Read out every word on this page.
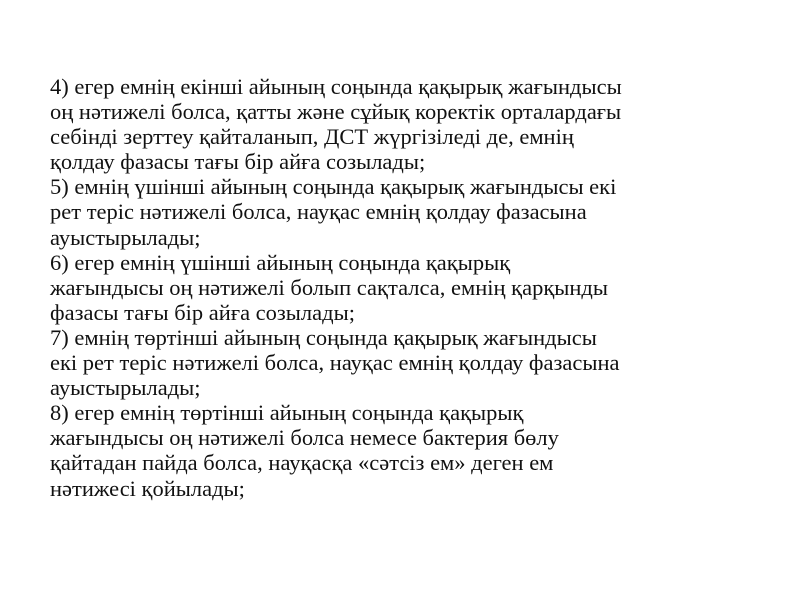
4) егер емнің екінші айының соңында қақырық жағындысы
оң нәтижелі болса, қатты және сұйық коректік орталардағы
себінді зерттеу қайталанып, ДСТ жүргізіледі де, емнің
қолдау фазасы тағы бір айға созылады;
5) емнің үшінші айының соңында қақырық жағындысы екі
рет теріс нәтижелі болса, науқас емнің қолдау фазасына
ауыстырылады;
6) егер емнің үшінші айының соңында қақырық
жағындысы оң нәтижелі болып сақталса, емнің қарқынды
фазасы тағы бір айға созылады;
7) емнің төртінші айының соңында қақырық жағындысы
екі рет теріс нәтижелі болса, науқас емнің қолдау фазасына
ауыстырылады;
8) егер емнің төртінші айының соңында қақырық
жағындысы оң нәтижелі болса немесе бактерия бөлу
қайтадан пайда болса, науқасқа «сәтсіз ем» деген ем
нәтижесі қойылады;
